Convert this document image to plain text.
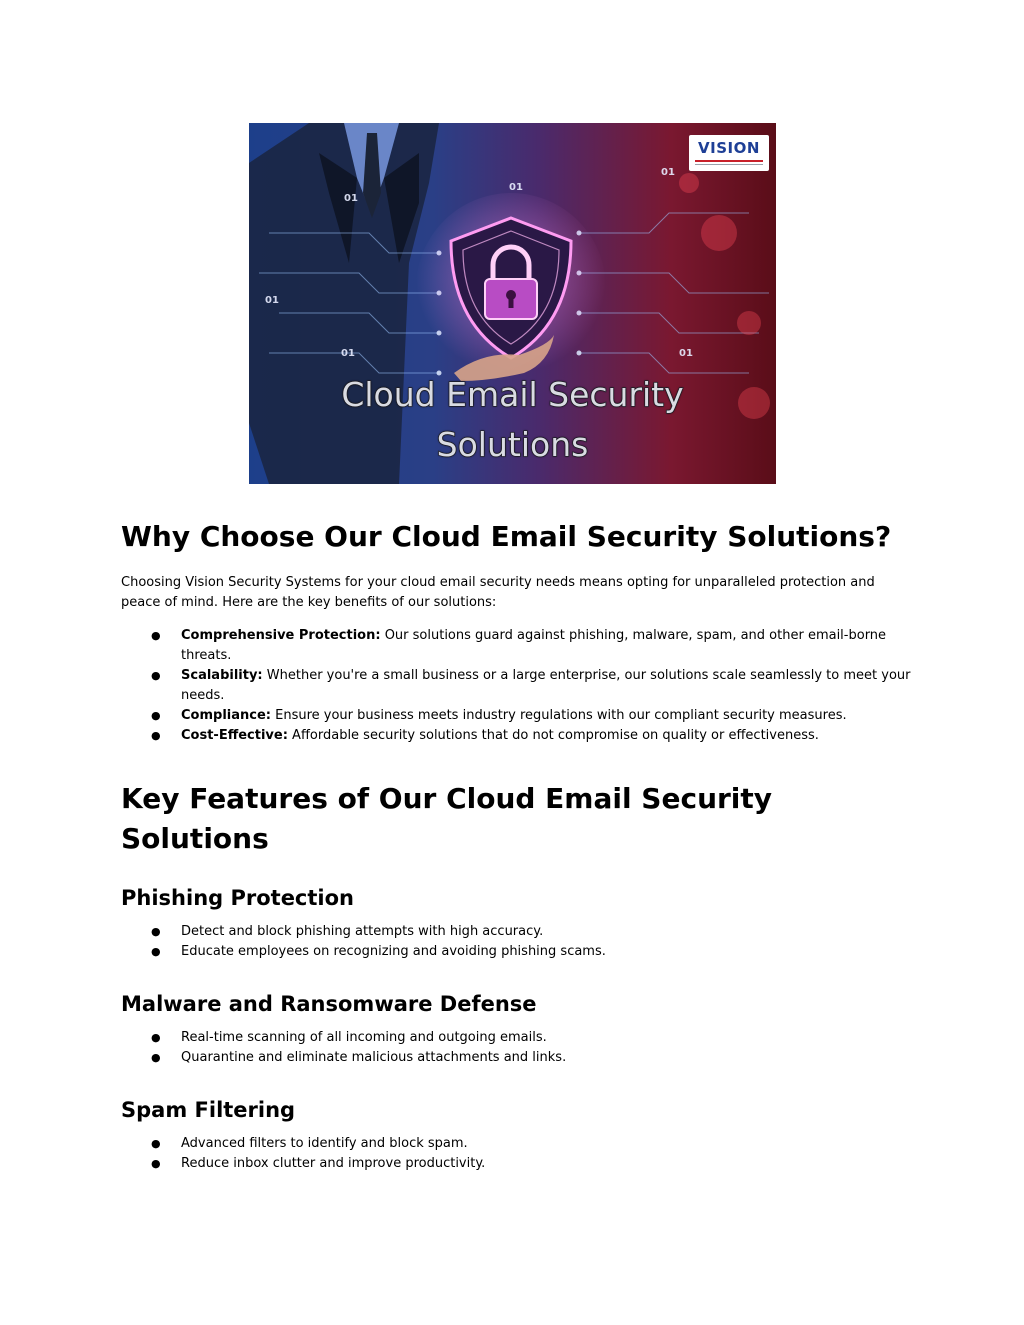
01
01
01
01	01
01
VISION
Cloud Email Security
Solutions
Why Choose Our Cloud Email Security Solutions?

Choosing Vision Security Systems for your cloud email security needs means opting for unparalleled protection and peace of mind. Here are the key benefits of our solutions:

● Comprehensive Protection: Our solutions guard against phishing, malware, spam, and other email-borne threats.
● Scalability: Whether you're a small business or a large enterprise, our solutions scale seamlessly to meet your needs.
● Compliance: Ensure your business meets industry regulations with our compliant security measures.
● Cost-Effective: Affordable security solutions that do not compromise on quality or effectiveness.
Key Features of Our Cloud Email Security Solutions
Phishing Protection
● Detect and block phishing attempts with high accuracy.
● Educate employees on recognizing and avoiding phishing scams.
Malware and Ransomware Defense
● Real-time scanning of all incoming and outgoing emails.
● Quarantine and eliminate malicious attachments and links.
Spam Filtering
● Advanced filters to identify and block spam.
● Reduce inbox clutter and improve productivity.
